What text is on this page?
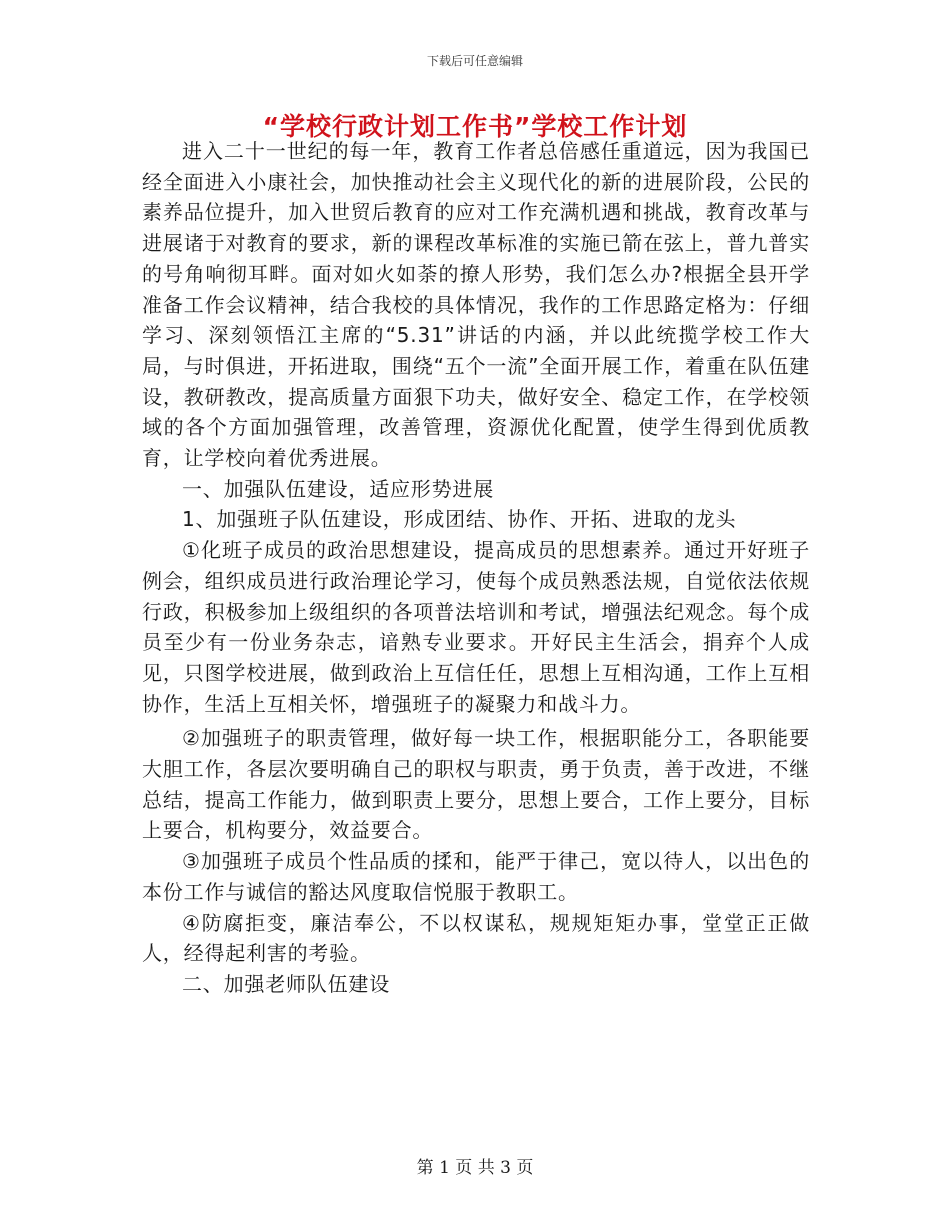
下载后可任意编辑
“学校行政计划工作书”学校工作计划

进入二十一世纪的每一年，教育工作者总倍感任重道远，因为我国已经全面进入小康社会，加快推动社会主义现代化的新的进展阶段，公民的素养品位提升，加入世贸后教育的应对工作充满机遇和挑战，教育改革与进展诸于对教育的要求，新的课程改革标准的实施已箭在弦上，普九普实的号角响彻耳畔。面对如火如荼的撩人形势，我们怎么办?根据全县开学准备工作会议精神，结合我校的具体情况，我作的工作思路定格为：仔细学习、深刻领悟江主席的“5.31”讲话的内涵，并以此统揽学校工作大局，与时俱进，开拓进取，围绕“五个一流”全面开展工作，着重在队伍建设，教研教改，提高质量方面狠下功夫，做好安全、稳定工作，在学校领域的各个方面加强管理，改善管理，资源优化配置，使学生得到优质教育，让学校向着优秀进展。

一、加强队伍建设，适应形势进展

1、加强班子队伍建设，形成团结、协作、开拓、进取的龙头

①化班子成员的政治思想建设，提高成员的思想素养。通过开好班子例会，组织成员进行政治理论学习，使每个成员熟悉法规，自觉依法依规行政，积极参加上级组织的各项普法培训和考试，增强法纪观念。每个成员至少有一份业务杂志，谙熟专业要求。开好民主生活会，捐弃个人成见，只图学校进展，做到政治上互信任任，思想上互相沟通，工作上互相协作，生活上互相关怀，增强班子的凝聚力和战斗力。

②加强班子的职责管理，做好每一块工作，根据职能分工，各职能要大胆工作，各层次要明确自己的职权与职责，勇于负责，善于改进，不继总结，提高工作能力，做到职责上要分，思想上要合，工作上要分，目标上要合，机构要分，效益要合。

③加强班子成员个性品质的揉和，能严于律己，宽以待人，以出色的本份工作与诚信的豁达风度取信悦服于教职工。

④防腐拒变，廉洁奉公，不以权谋私，规规矩矩办事，堂堂正正做人，经得起利害的考验。

二、加强老师队伍建设

第 1 页 共 3 页
